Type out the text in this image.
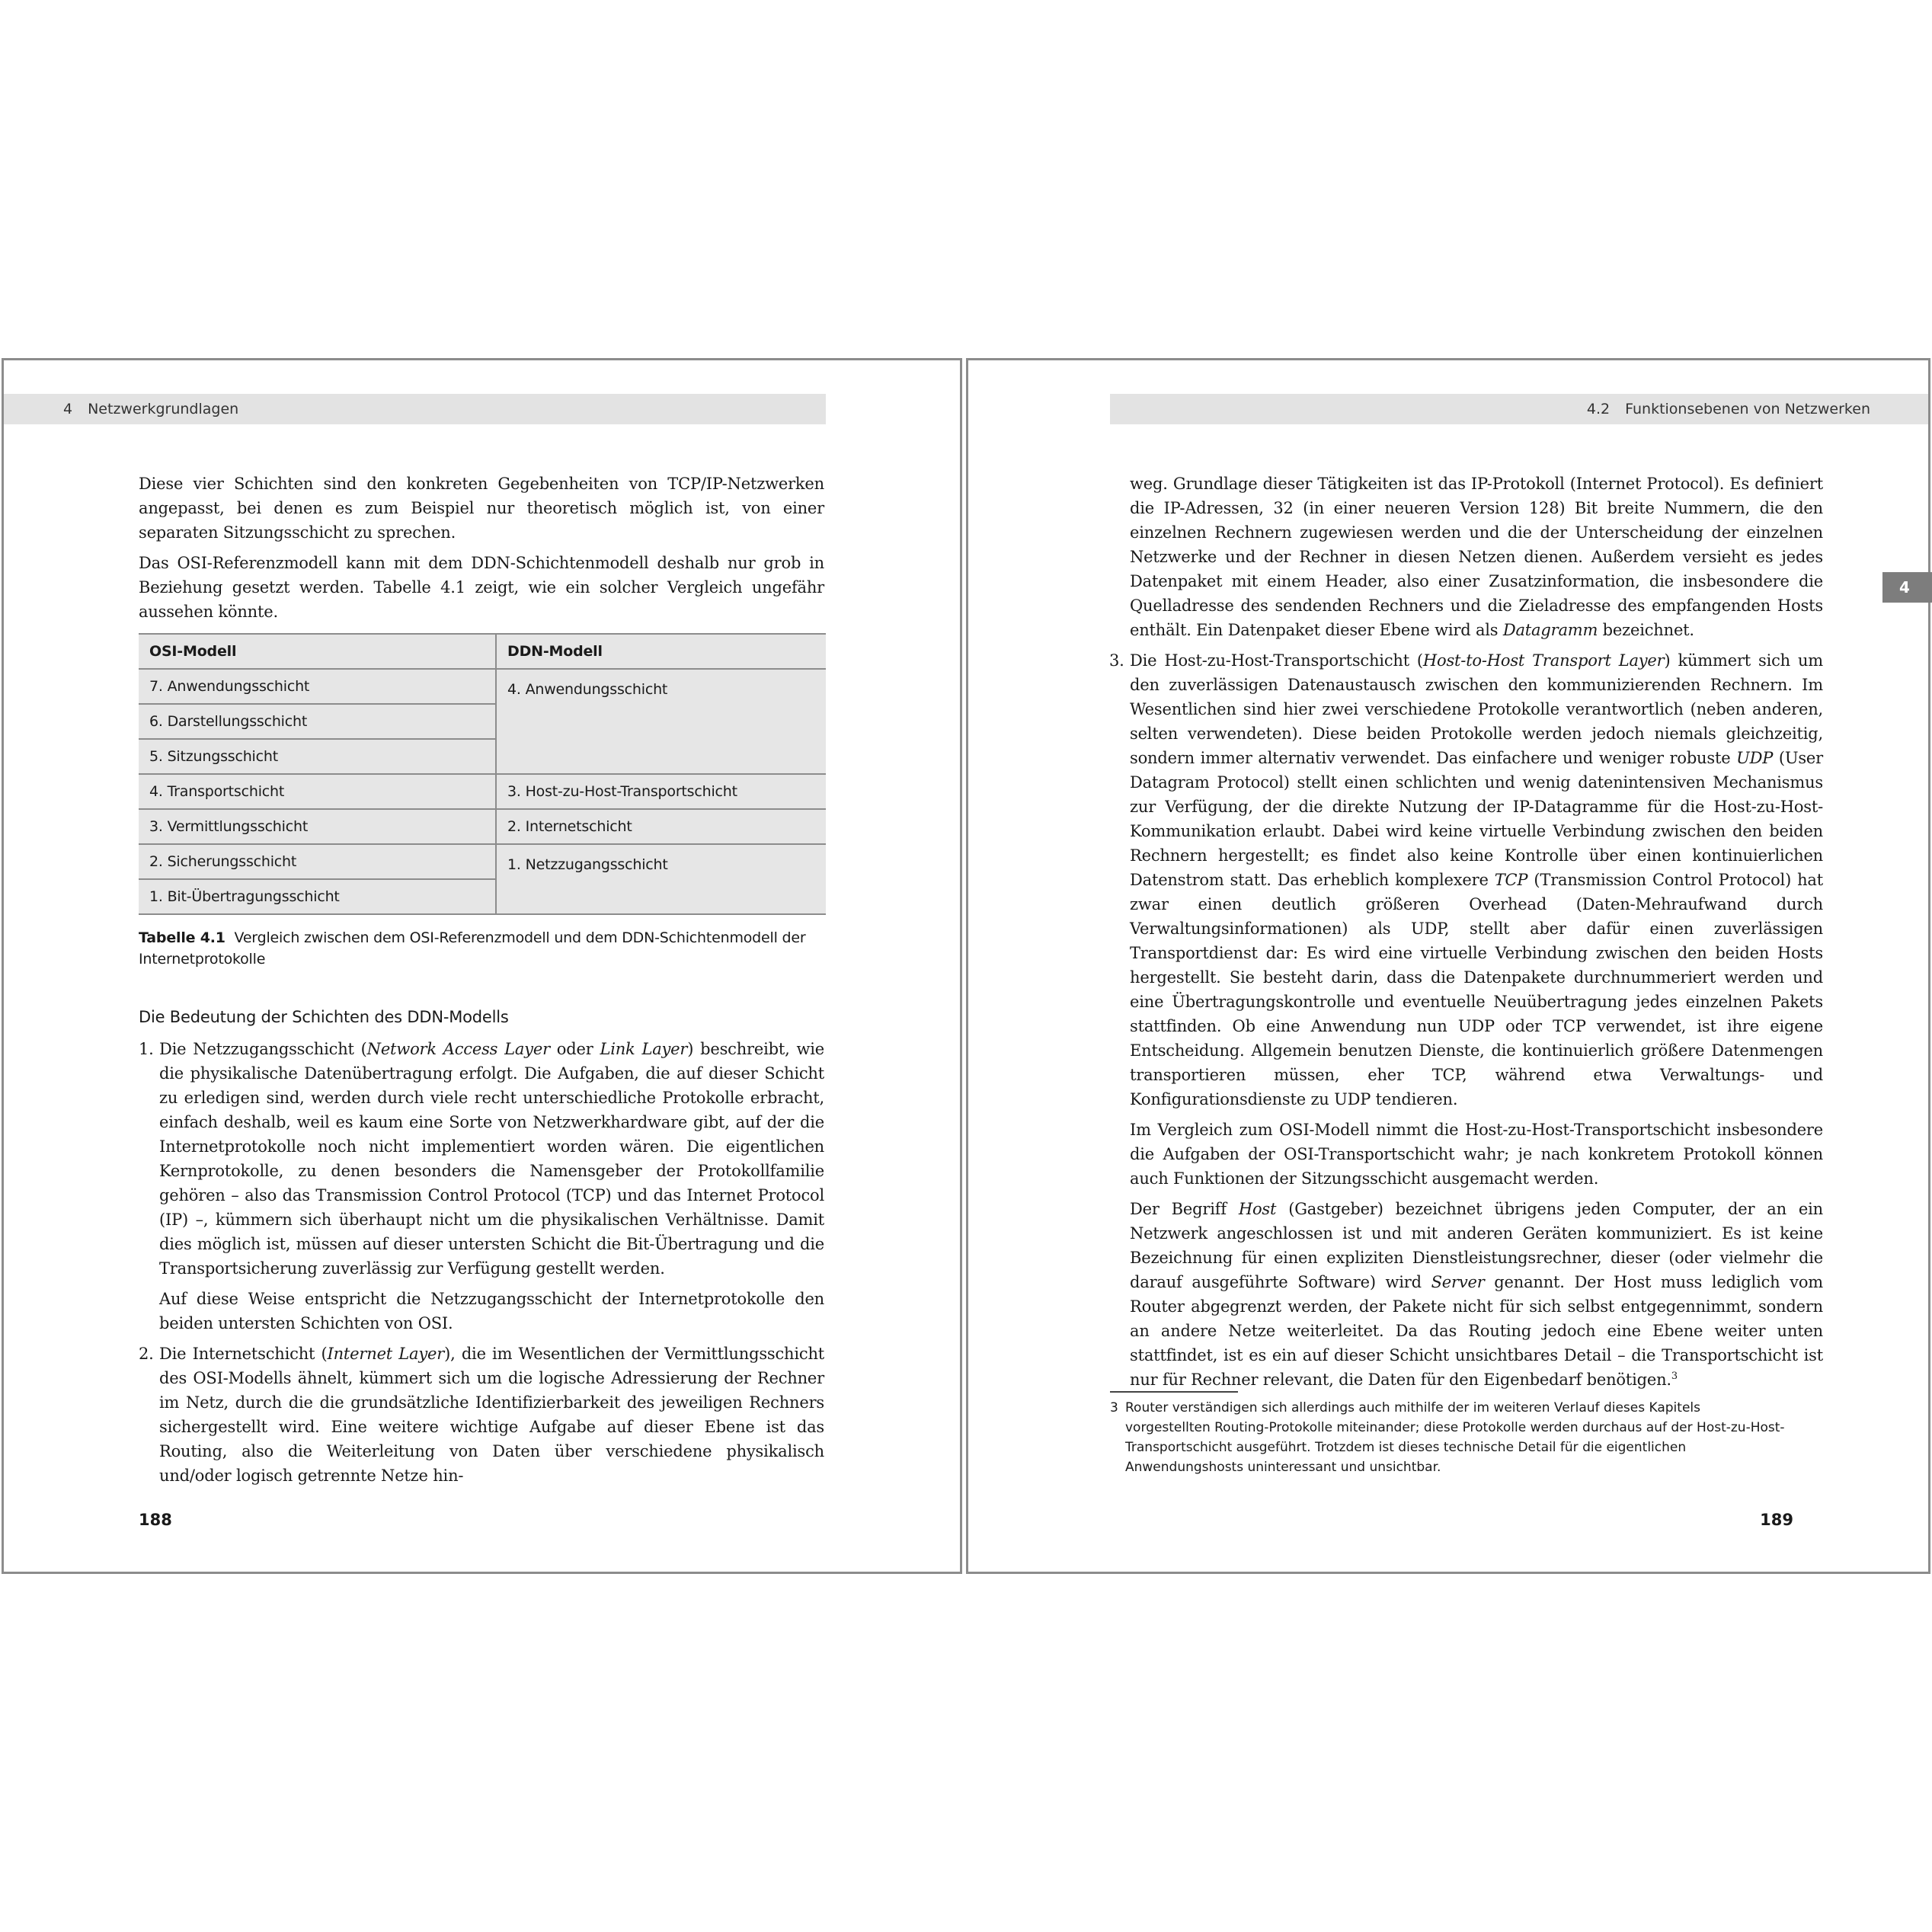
4 Netzwerkgrundlagen

Diese vier Schichten sind den konkreten Gegebenheiten von TCP/IP-Netzwerken angepasst, bei denen es zum Beispiel nur theoretisch möglich ist, von einer separaten Sitzungsschicht zu sprechen.

Das OSI-Referenzmodell kann mit dem DDN-Schichtenmodell deshalb nur grob in Beziehung gesetzt werden. Tabelle 4.1 zeigt, wie ein solcher Vergleich ungefähr aussehen könnte.

OSI-Modell	DDN-Modell
7. Anwendungsschicht	4. Anwendungsschicht
6. Darstellungsschicht	
5. Sitzungsschicht	
4. Transportschicht	3. Host-zu-Host-Transportschicht
3. Vermittlungsschicht	2. Internetschicht
2. Sicherungsschicht	1. Netzzugangsschicht
1. Bit-Übertragungsschicht	
Tabelle 4.1 Vergleich zwischen dem OSI-Referenzmodell und dem DDN-Schichtenmodell der Internetprotokolle
Die Bedeutung der Schichten des DDN-Modells
1. Die Netzzugangsschicht (Network Access Layer oder Link Layer) beschreibt, wie die physikalische Datenübertragung erfolgt. Die Aufgaben, die auf dieser Schicht zu erledigen sind, werden durch viele recht unterschiedliche Protokolle erbracht, einfach deshalb, weil es kaum eine Sorte von Netzwerkhardware gibt, auf der die Internetprotokolle noch nicht implementiert worden wären. Die eigentlichen Kernprotokolle, zu denen besonders die Namensgeber der Protokollfamilie gehören – also das Transmission Control Protocol (TCP) und das Internet Protocol (IP) –, kümmern sich überhaupt nicht um die physikalischen Verhältnisse. Damit dies möglich ist, müssen auf dieser untersten Schicht die Bit-Übertragung und die Transportsicherung zuverlässig zur Verfügung gestellt werden.

Auf diese Weise entspricht die Netzzugangsschicht der Internetprotokolle den beiden untersten Schichten von OSI.

2. Die Internetschicht (Internet Layer), die im Wesentlichen der Vermittlungsschicht des OSI-Modells ähnelt, kümmert sich um die logische Adressierung der Rechner im Netz, durch die die grundsätzliche Identifizierbarkeit des jeweiligen Rechners sichergestellt wird. Eine weitere wichtige Aufgabe auf dieser Ebene ist das Routing, also die Weiterleitung von Daten über verschiedene physikalisch und/oder logisch getrennte Netze hin-

188
4.2 Funktionsebenen von Netzwerken
4

weg. Grundlage dieser Tätigkeiten ist das IP-Protokoll (Internet Protocol). Es definiert die IP-Adressen, 32 (in einer neueren Version 128) Bit breite Nummern, die den einzelnen Rechnern zugewiesen werden und die der Unterscheidung der einzelnen Netzwerke und der Rechner in diesen Netzen dienen. Außerdem versieht es jedes Datenpaket mit einem Header, also einer Zusatzinformation, die insbesondere die Quelladresse des sendenden Rechners und die Zieladresse des empfangenden Hosts enthält. Ein Datenpaket dieser Ebene wird als Datagramm bezeichnet.

3. Die Host-zu-Host-Transportschicht (Host-to-Host Transport Layer) kümmert sich um den zuverlässigen Datenaustausch zwischen den kommunizierenden Rechnern. Im Wesentlichen sind hier zwei verschiedene Protokolle verantwortlich (neben anderen, selten verwendeten). Diese beiden Protokolle werden jedoch niemals gleichzeitig, sondern immer alternativ verwendet. Das einfachere und weniger robuste UDP (User Datagram Protocol) stellt einen schlichten und wenig datenintensiven Mechanismus zur Verfügung, der die direkte Nutzung der IP-Datagramme für die Host-zu-Host-Kommunikation erlaubt. Dabei wird keine virtuelle Verbindung zwischen den beiden Rechnern hergestellt; es findet also keine Kontrolle über einen kontinuierlichen Datenstrom statt. Das erheblich komplexere TCP (Transmission Control Protocol) hat zwar einen deutlich größeren Overhead (Daten-Mehraufwand durch Verwaltungsinformationen) als UDP, stellt aber dafür einen zuverlässigen Transportdienst dar: Es wird eine virtuelle Verbindung zwischen den beiden Hosts hergestellt. Sie besteht darin, dass die Datenpakete durchnummeriert werden und eine Übertragungskontrolle und eventuelle Neuübertragung jedes einzelnen Pakets stattfinden. Ob eine Anwendung nun UDP oder TCP verwendet, ist ihre eigene Entscheidung. Allgemein benutzen Dienste, die kontinuierlich größere Datenmengen transportieren müssen, eher TCP, während etwa Verwaltungs- und Konfigurationsdienste zu UDP tendieren.

Im Vergleich zum OSI-Modell nimmt die Host-zu-Host-Transportschicht insbesondere die Aufgaben der OSI-Transportschicht wahr; je nach konkretem Protokoll können auch Funktionen der Sitzungsschicht ausgemacht werden.

Der Begriff Host (Gastgeber) bezeichnet übrigens jeden Computer, der an ein Netzwerk angeschlossen ist und mit anderen Geräten kommuniziert. Es ist keine Bezeichnung für einen expliziten Dienstleistungsrechner, dieser (oder vielmehr die darauf ausgeführte Software) wird Server genannt. Der Host muss lediglich vom Router abgegrenzt werden, der Pakete nicht für sich selbst entgegennimmt, sondern an andere Netze weiterleitet. Da das Routing jedoch eine Ebene weiter unten stattfindet, ist es ein auf dieser Schicht unsichtbares Detail – die Transportschicht ist nur für Rechner relevant, die Daten für den Eigenbedarf benötigen.$^3$

3 Router verständigen sich allerdings auch mithilfe der im weiteren Verlauf dieses Kapitels vorgestellten Routing-Protokolle miteinander; diese Protokolle werden durchaus auf der Host-zu-Host-Transportschicht ausgeführt. Trotzdem ist dieses technische Detail für die eigentlichen Anwendungshosts uninteressant und unsichtbar.
189
